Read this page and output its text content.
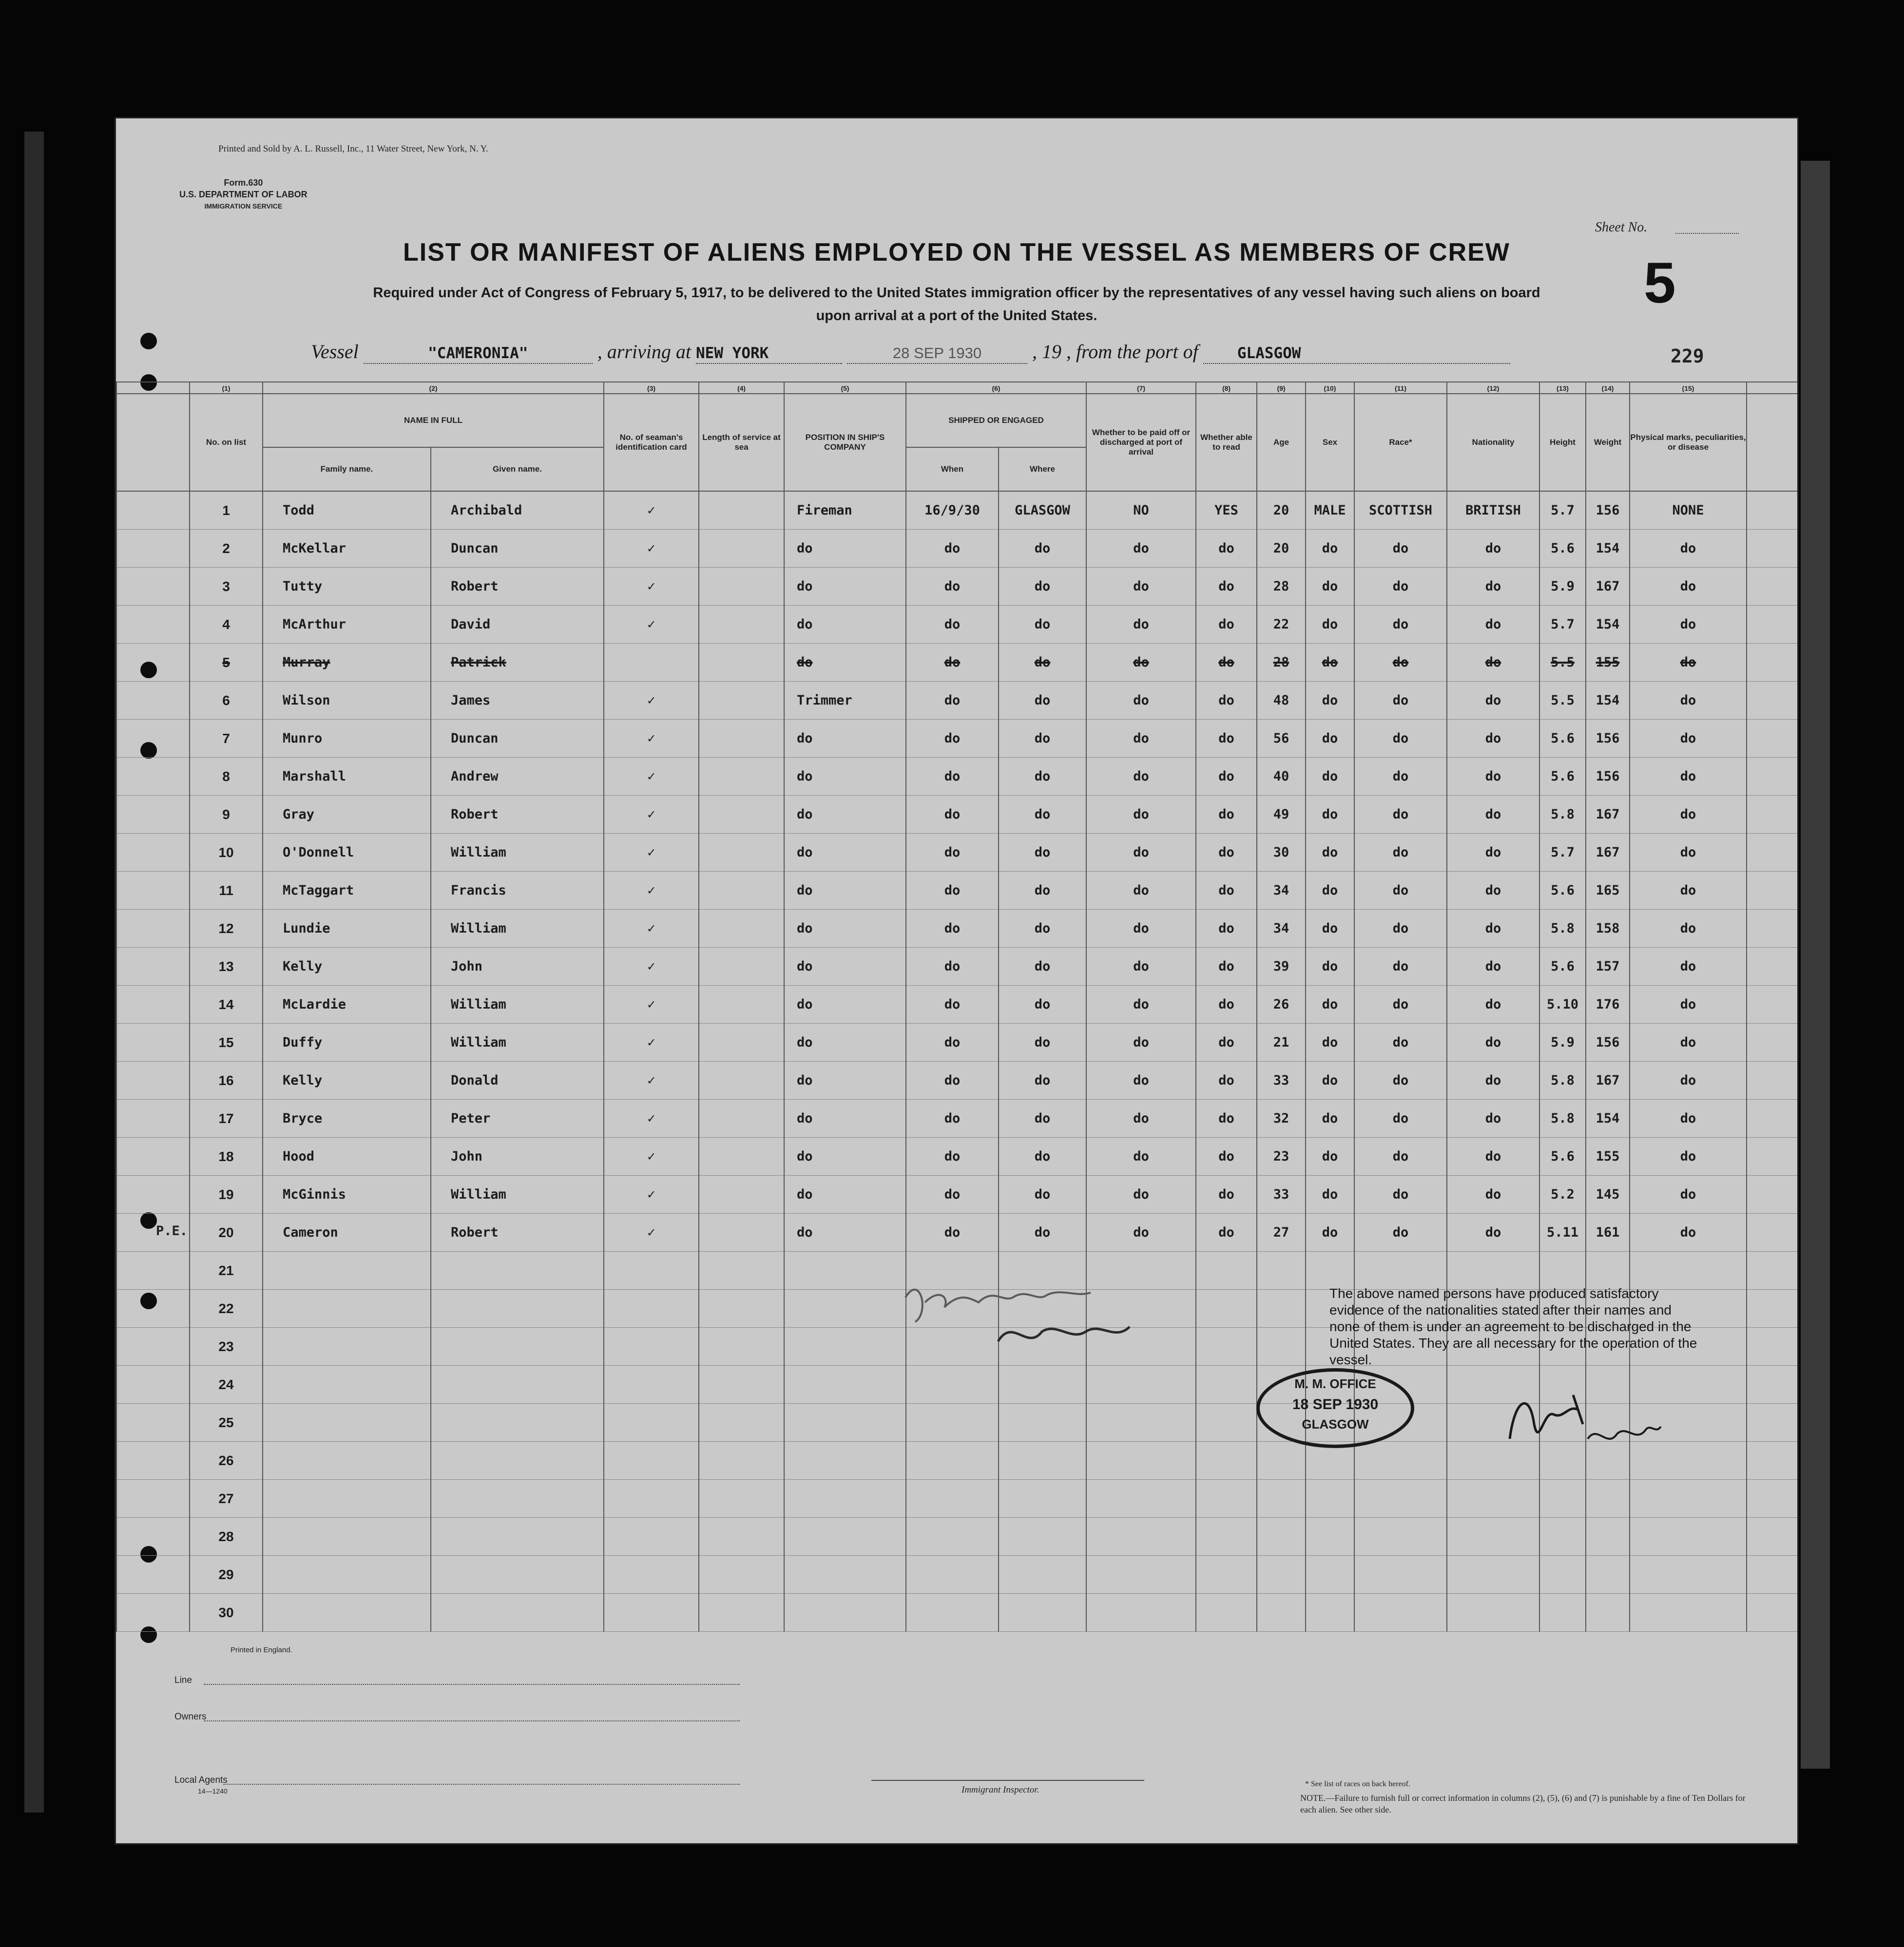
Printed and Sold by A. L. Russell, Inc., 11 Water Street, New York, N. Y.
Form.630
U.S. DEPARTMENT OF LABOR
IMMIGRATION SERVICE
Sheet No.
5
LIST OR MANIFEST OF ALIENS EMPLOYED ON THE VESSEL AS MEMBERS OF CREW
Required under Act of Congress of February 5, 1917, to be delivered to the United States immigration officer by the representatives of any vessel having such aliens on board upon arrival at a port of the United States.
Vessel	"CAMERONIA"	, arriving at NEW YORK	28 SEP 1930	, 19 , from the port of	GLASGOW	229
	(1)	(2)		(3)	(4)	(5)	(6)		(7)	(8)	(9)	(10)	(11)	(12)	(13)	(14)	(15)	
	No. on list	NAME IN FULL		No. of seaman's identification card	Length of service at sea	POSITION IN SHIP'S COMPANY	SHIPPED OR ENGAGED		Whether to be paid off or discharged at port of arrival	Whether able to read	Age	Sex	Race*	Nationality	Height	Weight	Physical marks, peculiarities, or disease	
		Family name.	Given name.				When	Where										
	1	Todd	Archibald	✓		Fireman	16/9/30	GLASGOW	NO	YES	20	MALE	SCOTTISH	BRITISH	5.7	156	NONE	
	2	McKellar	Duncan	✓		do	do	do	do	do	20	do	do	do	5.6	154	do	
	3	Tutty	Robert	✓		do	do	do	do	do	28	do	do	do	5.9	167	do	
	4	McArthur	David	✓		do	do	do	do	do	22	do	do	do	5.7	154	do	
	5	Murray	Patrick			do	do	do	do	do	28	do	do	do	5.5	155	do	
	6	Wilson	James	✓		Trimmer	do	do	do	do	48	do	do	do	5.5	154	do	
	7	Munro	Duncan	✓		do	do	do	do	do	56	do	do	do	5.6	156	do	
	8	Marshall	Andrew	✓		do	do	do	do	do	40	do	do	do	5.6	156	do	
	9	Gray	Robert	✓		do	do	do	do	do	49	do	do	do	5.8	167	do	
	10	O'Donnell	William	✓		do	do	do	do	do	30	do	do	do	5.7	167	do	
	11	McTaggart	Francis	✓		do	do	do	do	do	34	do	do	do	5.6	165	do	
	12	Lundie	William	✓		do	do	do	do	do	34	do	do	do	5.8	158	do	
	13	Kelly	John	✓		do	do	do	do	do	39	do	do	do	5.6	157	do	
	14	McLardie	William	✓		do	do	do	do	do	26	do	do	do	5.10	176	do	
	15	Duffy	William	✓		do	do	do	do	do	21	do	do	do	5.9	156	do	
	16	Kelly	Donald	✓		do	do	do	do	do	33	do	do	do	5.8	167	do	
	17	Bryce	Peter	✓		do	do	do	do	do	32	do	do	do	5.8	154	do	
	18	Hood	John	✓		do	do	do	do	do	23	do	do	do	5.6	155	do	
	19	McGinnis	William	✓		do	do	do	do	do	33	do	do	do	5.2	145	do	
	20	Cameron	Robert	✓		do	do	do	do	do	27	do	do	do	5.11	161	do	
	21																	
	22																	
	23																	
	24																	
	25																	
	26																	
	27																	
	28																	
	29																	
	30																	
P.E.
The above named persons have produced satisfactory evidence of the nationalities stated after their names and none of them is under an agreement to be discharged in the United States. They are all necessary for the operation of the vessel.
M. M. OFFICE
18 SEP 1930
GLASGOW
Printed in England.
Line
Owners
Local Agents
14—1240	Immigrant Inspector.
* See list of races on back hereof.
NOTE.—Failure to furnish full or correct information in columns (2), (5), (6) and (7) is punishable by a fine of Ten Dollars for each alien. See other side.
